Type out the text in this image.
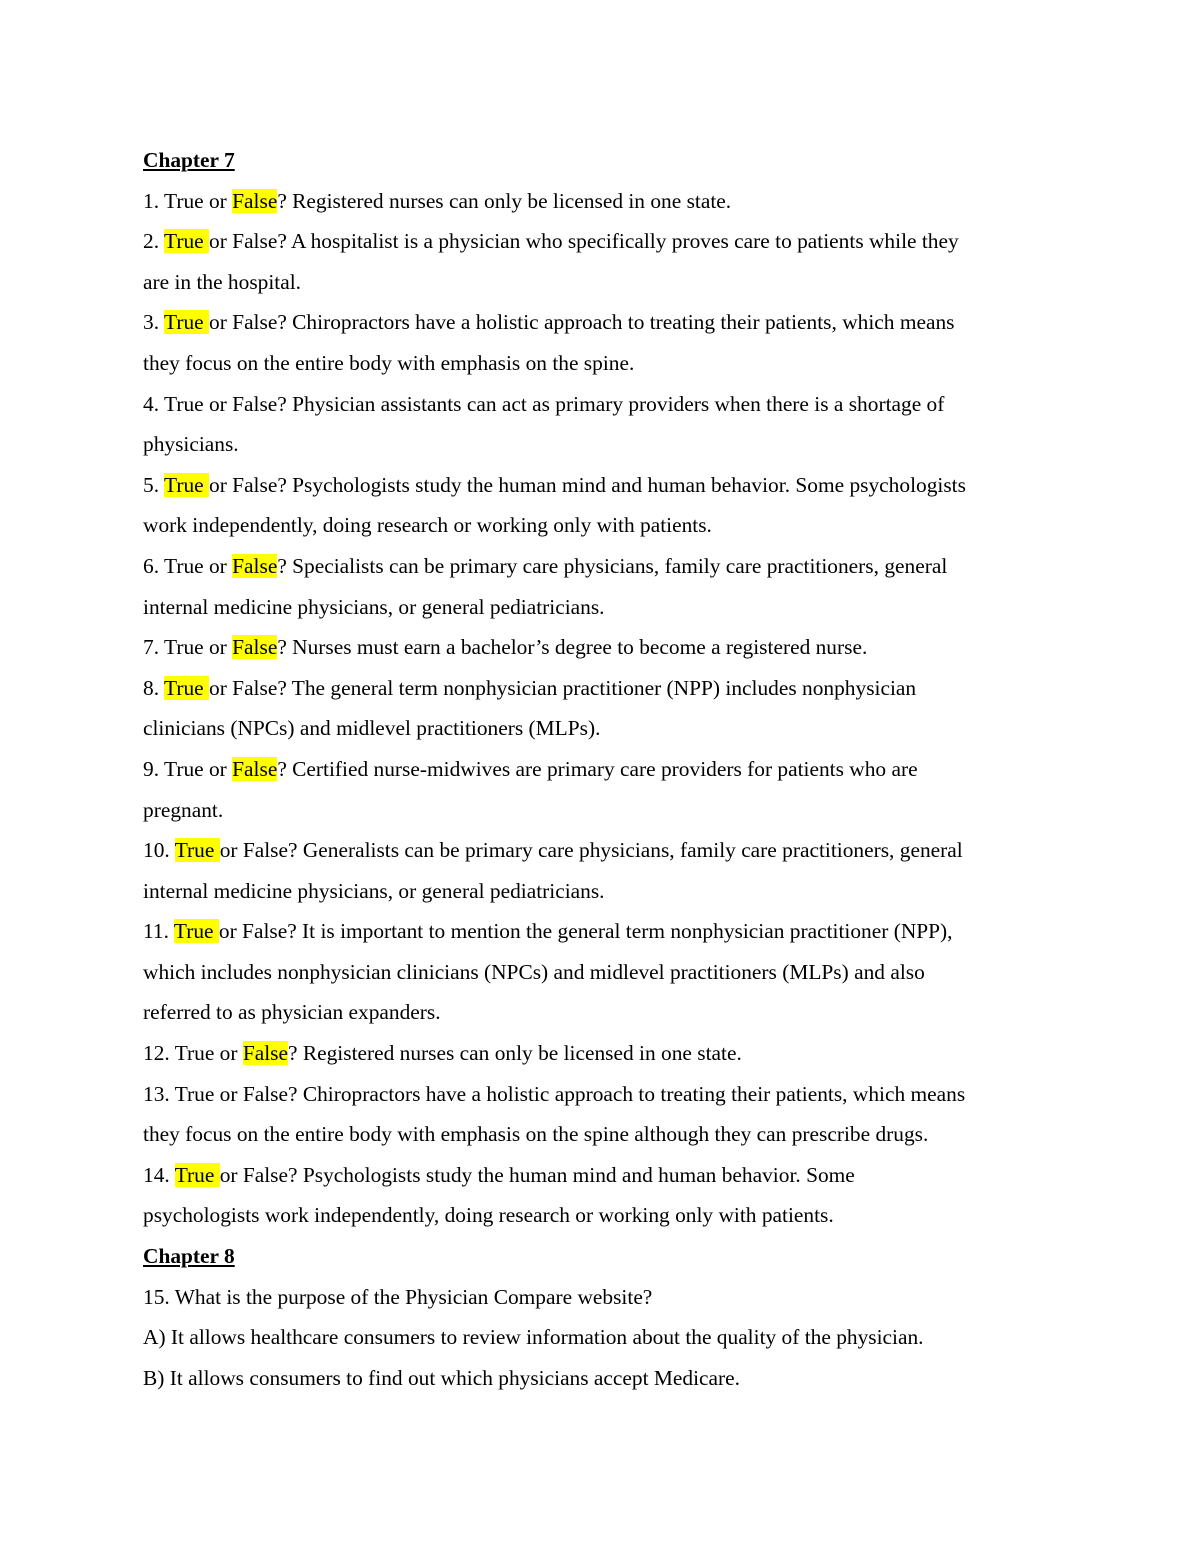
Chapter 7

1. True or False? Registered nurses can only be licensed in one state.

2. True or False? A hospitalist is a physician who specifically proves care to patients while they

are in the hospital.

3. True or False? Chiropractors have a holistic approach to treating their patients, which means

they focus on the entire body with emphasis on the spine.

4. True or False? Physician assistants can act as primary providers when there is a shortage of

physicians.

5. True or False? Psychologists study the human mind and human behavior. Some psychologists

work independently, doing research or working only with patients.

6. True or False? Specialists can be primary care physicians, family care practitioners, general

internal medicine physicians, or general pediatricians.

7. True or False? Nurses must earn a bachelor’s degree to become a registered nurse.

8. True or False? The general term nonphysician practitioner (NPP) includes nonphysician

clinicians (NPCs) and midlevel practitioners (MLPs).

9. True or False? Certified nurse-midwives are primary care providers for patients who are

pregnant.

10. True or False? Generalists can be primary care physicians, family care practitioners, general

internal medicine physicians, or general pediatricians.

11. True or False? It is important to mention the general term nonphysician practitioner (NPP),

which includes nonphysician clinicians (NPCs) and midlevel practitioners (MLPs) and also

referred to as physician expanders.

12. True or False? Registered nurses can only be licensed in one state.

13. True or False? Chiropractors have a holistic approach to treating their patients, which means

they focus on the entire body with emphasis on the spine although they can prescribe drugs.

14. True or False? Psychologists study the human mind and human behavior. Some

psychologists work independently, doing research or working only with patients.

Chapter 8

15. What is the purpose of the Physician Compare website?

A) It allows healthcare consumers to review information about the quality of the physician.

B) It allows consumers to find out which physicians accept Medicare.
